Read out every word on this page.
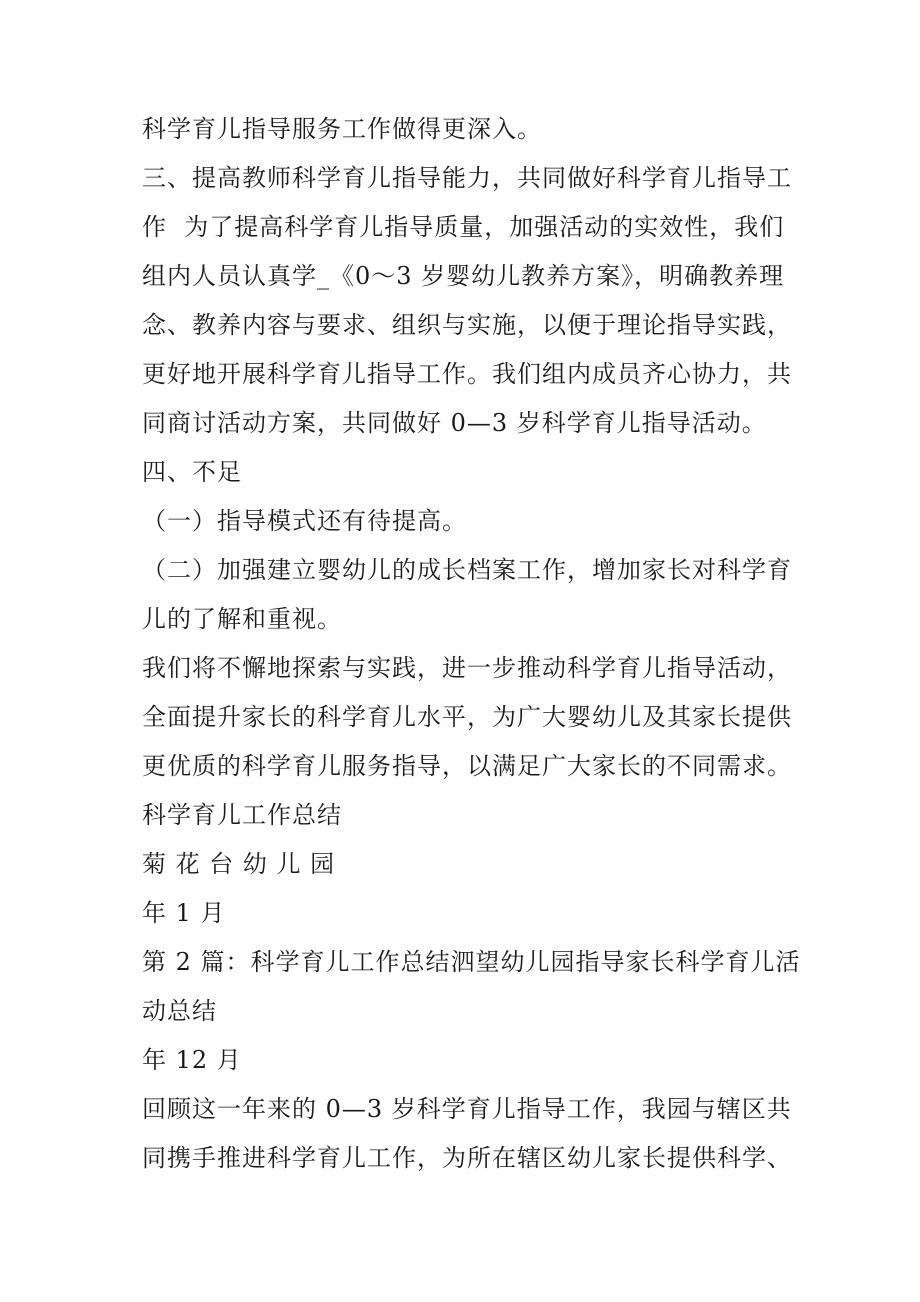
科学育儿指导服务工作做得更深入。
三、提高教师科学育儿指导能力，共同做好科学育儿指导工
作  为了提高科学育儿指导质量，加强活动的实效性，我们
组内人员认真学_《0～3 岁婴幼儿教养方案》，明确教养理
念、教养内容与要求、组织与实施，以便于理论指导实践，
更好地开展科学育儿指导工作。我们组内成员齐心协力，共
同商讨活动方案，共同做好 0—3 岁科学育儿指导活动。
四、不足
（一）指导模式还有待提高。
（二）加强建立婴幼儿的成长档案工作，增加家长对科学育
儿的了解和重视。
我们将不懈地探索与实践，进一步推动科学育儿指导活动，
全面提升家长的科学育儿水平，为广大婴幼儿及其家长提供
更优质的科学育儿服务指导，以满足广大家长的不同需求。
科学育儿工作总结
菊 花 台 幼 儿 园
年 1 月
第 2 篇：科学育儿工作总结泗望幼儿园指导家长科学育儿活
动总结
年 12 月
回顾这一年来的 0—3 岁科学育儿指导工作，我园与辖区共
同携手推进科学育儿工作，为所在辖区幼儿家长提供科学、
